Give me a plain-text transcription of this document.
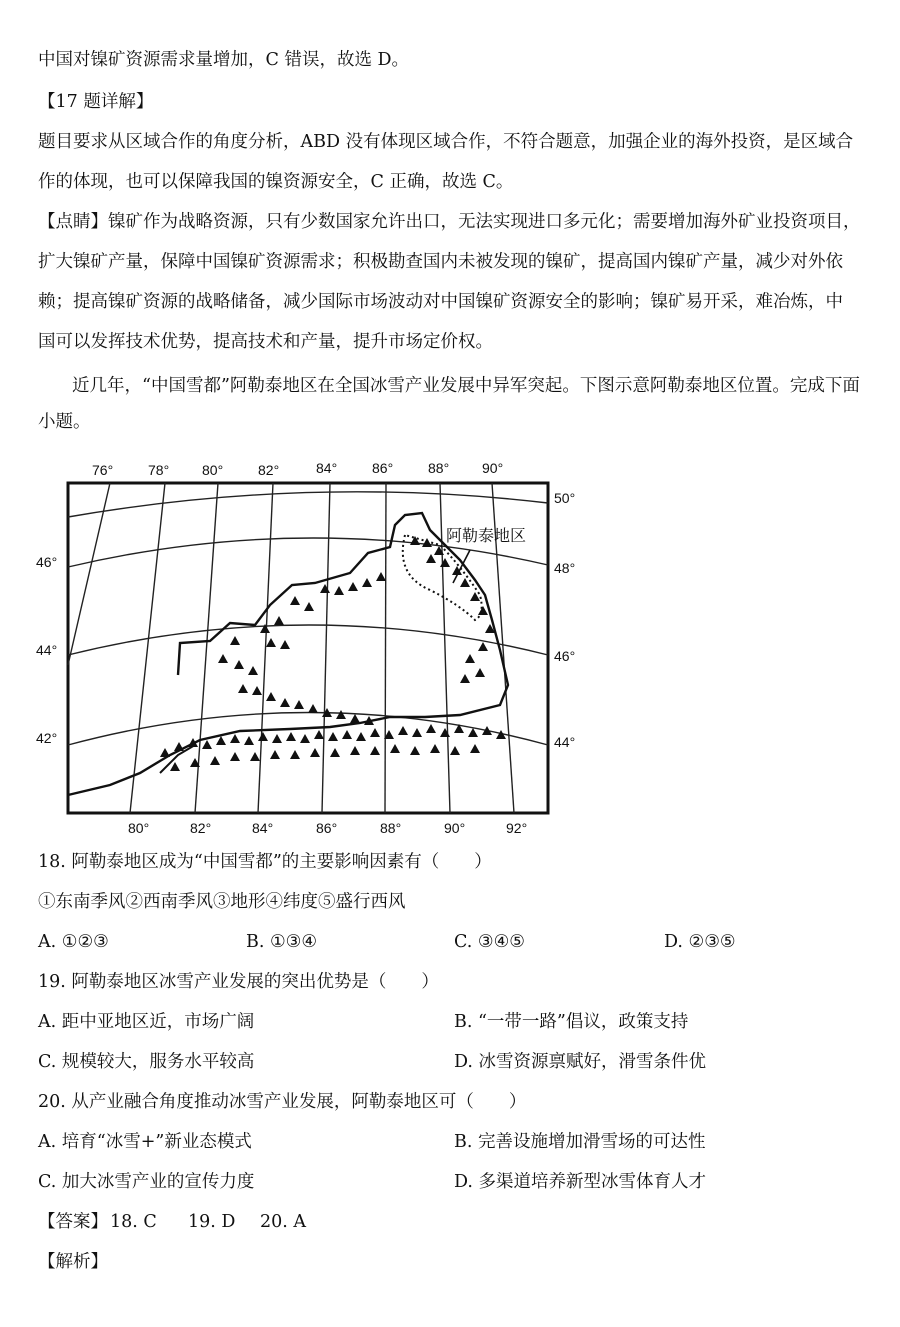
中国对镍矿资源需求量增加，C 错误，故选 D。
【17 题详解】
题目要求从区域合作的角度分析，ABD 没有体现区域合作，不符合题意，加强企业的海外投资，是区域合
作的体现，也可以保障我国的镍资源安全，C 正确，故选 C。
【点睛】镍矿作为战略资源，只有少数国家允许出口，无法实现进口多元化；需要增加海外矿业投资项目，
扩大镍矿产量，保障中国镍矿资源需求；积极勘查国内未被发现的镍矿，提高国内镍矿产量，减少对外依
赖；提高镍矿资源的战略储备，减少国际市场波动对中国镍矿资源安全的影响；镍矿易开采，难冶炼，中
国可以发挥技术优势，提高技术和产量，提升市场定价权。
近几年，“中国雪都”阿勒泰地区在全国冰雪产业发展中异军突起。下图示意阿勒泰地区位置。完成下面
小题。
阿勒泰地区
76° 78° 80° 82°	84° 86° 88° 90°
80°	82°	84°	86°	88°	90°	92°
46°
44°
42°
50°
48°
46°
44°
18. 阿勒泰地区成为“中国雪都”的主要影响因素有（　　）
①东南季风②西南季风③地形④纬度⑤盛行西风
A. ①②③	B. ①③④	C. ③④⑤	D. ②③⑤
19. 阿勒泰地区冰雪产业发展的突出优势是（　　）
A. 距中亚地区近，市场广阔	B. “一带一路”倡议，政策支持
C. 规模较大，服务水平较高	D. 冰雪资源禀赋好，滑雪条件优
20. 从产业融合角度推动冰雪产业发展，阿勒泰地区可（　　）
A. 培育“冰雪+”新业态模式	B. 完善设施增加滑雪场的可达性
C. 加大冰雪产业的宣传力度	D. 多渠道培养新型冰雪体育人才
【答案】 18. C 19. D 20. A
【解析】
